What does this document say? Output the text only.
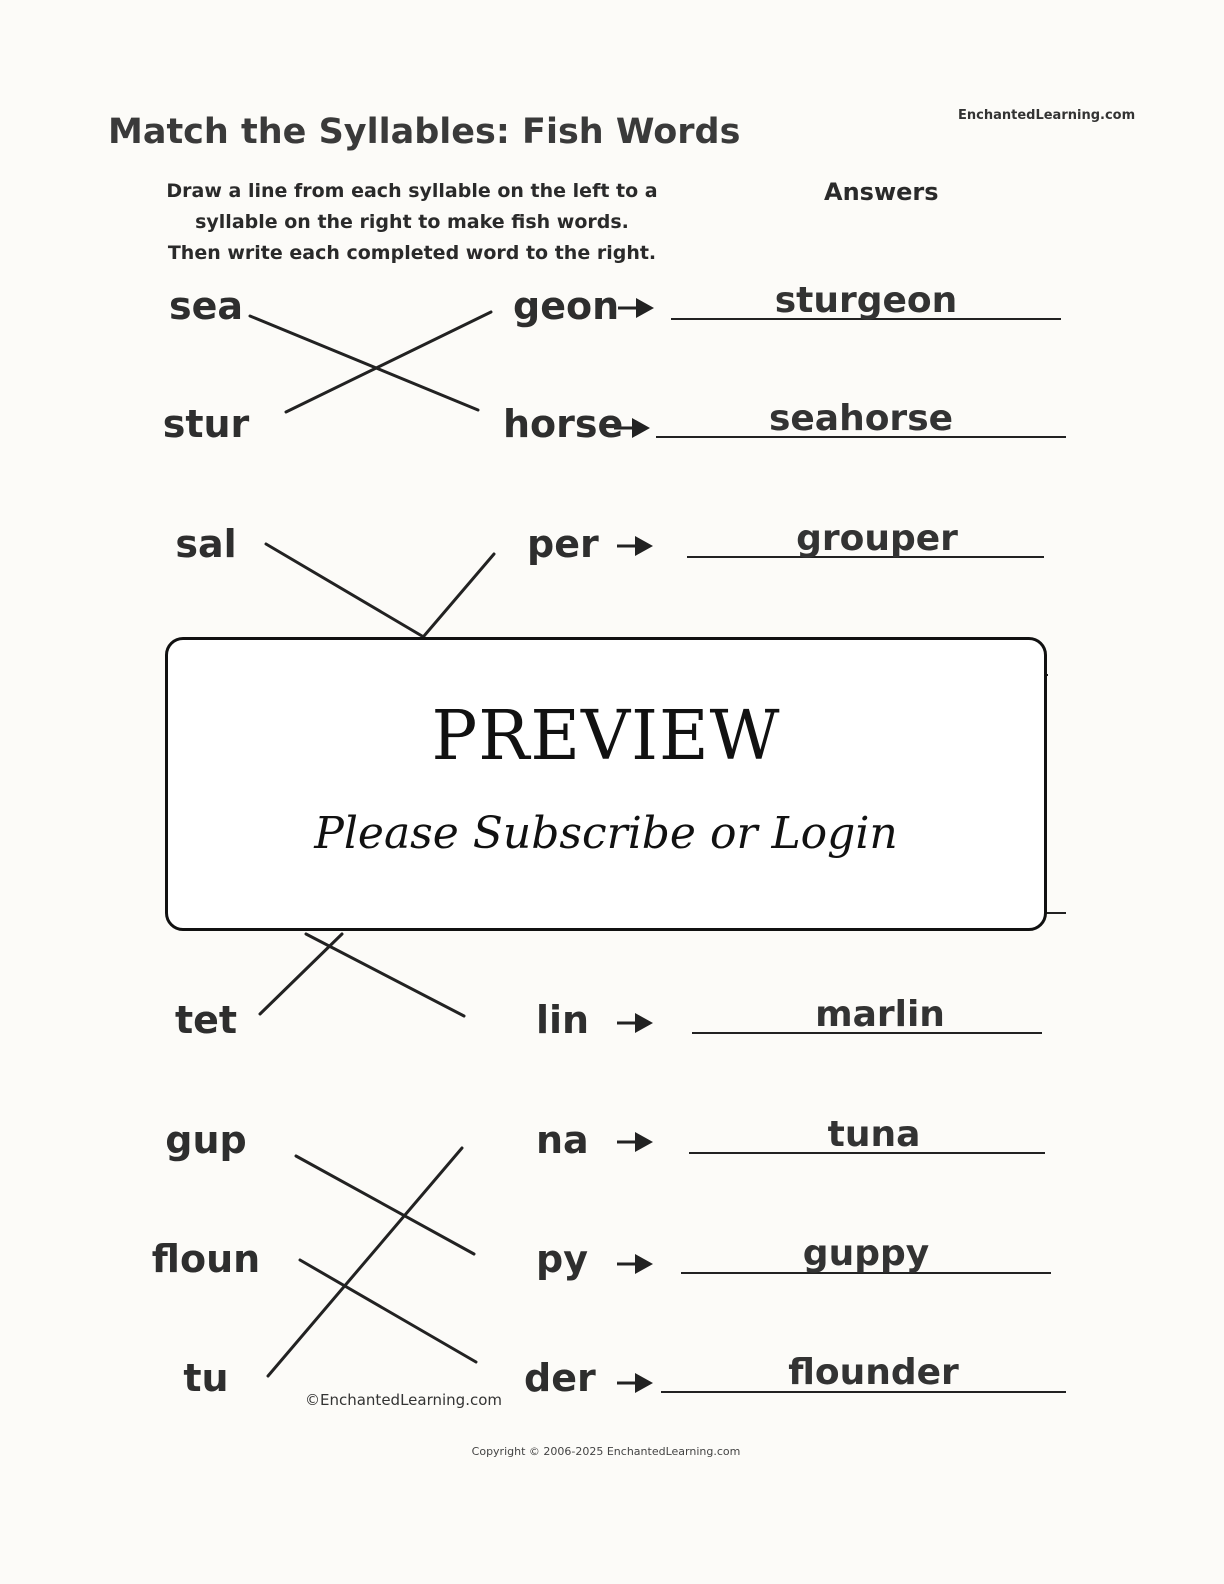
Match the Syllables: Fish Words	EnchantedLearning.com
Draw a line from each syllable on the left to a
syllable on the right to make fish words.
Then write each completed word to the right.
Answers
sea	geon	sturgeon
stur	horse	seahorse
sal	per	grouper
tet	lin	marlin
gup	na	tuna
floun	py	guppy
tu	der	flounder
©EnchantedLearning.com
PREVIEW
Please Subscribe or Login
Copyright © 2006-2025 EnchantedLearning.com
